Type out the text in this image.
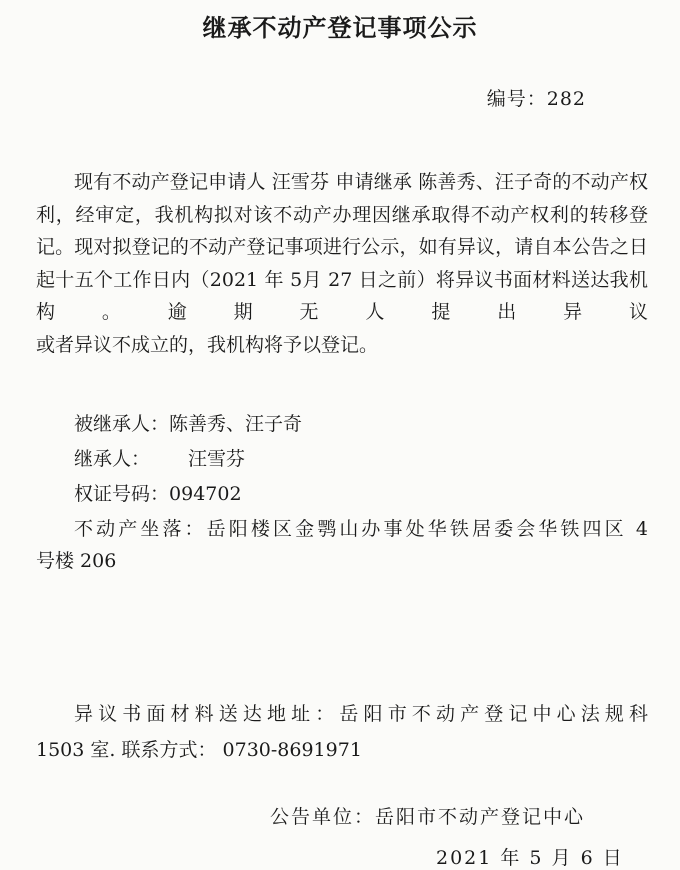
继承不动产登记事项公示
编号：282

现有不动产登记申请人 汪雪芬 申请继承 陈善秀、汪子奇的不动产权利，经审定，我机构拟对该不动产办理因继承取得不动产权利的转移登记。现对拟登记的不动产登记事项进行公示，如有异议，请自本公告之日起十五个工作日内（2021 年 5月 27 日之前）将异议书面材料送达我机构。逾期无人提出异议

或者异议不成立的，我机构将予以登记。

被继承人：陈善秀、汪子奇
继承人： 汪雪芬
权证号码：094702
不动产坐落：岳阳楼区金鹗山办事处华铁居委会华铁四区 4
号楼 206
异议书面材料送达地址：岳阳市不动产登记中心法规科
1503 室. 联系方式： 0730-8691971
公告单位：岳阳市不动产登记中心
2021 年 5 月 6 日
